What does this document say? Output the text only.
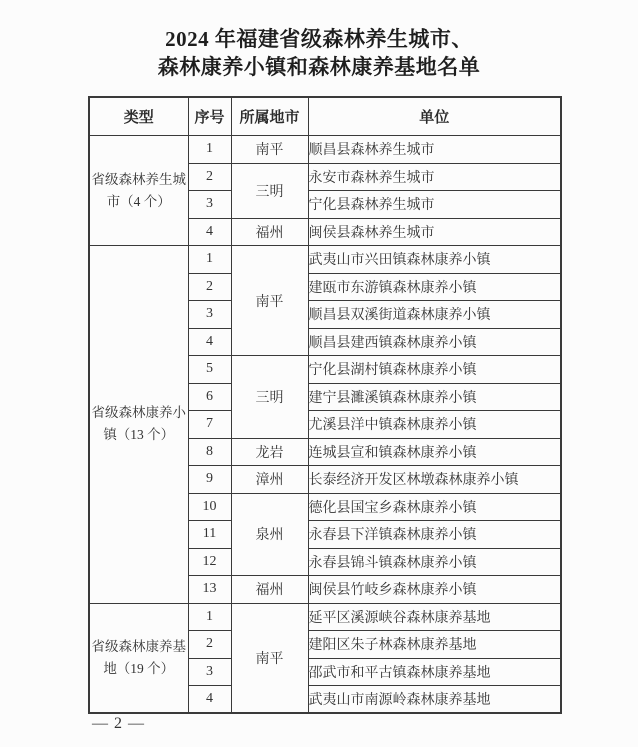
2024 年福建省级森林养生城市、
森林康养小镇和森林康养基地名单
类型	序号	所属地市	单位
省级森林养生城市（4 个）	1	南平	顺昌县森林养生城市
	2	三明	永安市森林养生城市
	3		宁化县森林养生城市
	4	福州	闽侯县森林养生城市
省级森林康养小镇（13 个）	1	南平	武夷山市兴田镇森林康养小镇
	2		建瓯市东游镇森林康养小镇
	3		顺昌县双溪街道森林康养小镇
	4		顺昌县建西镇森林康养小镇
	5	三明	宁化县湖村镇森林康养小镇
	6		建宁县濉溪镇森林康养小镇
	7		尤溪县洋中镇森林康养小镇
	8	龙岩	连城县宣和镇森林康养小镇
	9	漳州	长泰经济开发区林墩森林康养小镇
	10	泉州	德化县国宝乡森林康养小镇
	11		永春县下洋镇森林康养小镇
	12		永春县锦斗镇森林康养小镇
	13	福州	闽侯县竹岐乡森林康养小镇
省级森林康养基地（19 个）	1	南平	延平区溪源峡谷森林康养基地
	2		建阳区朱子林森林康养基地
	3		邵武市和平古镇森林康养基地
	4		武夷山市南源岭森林康养基地
— 2 —
